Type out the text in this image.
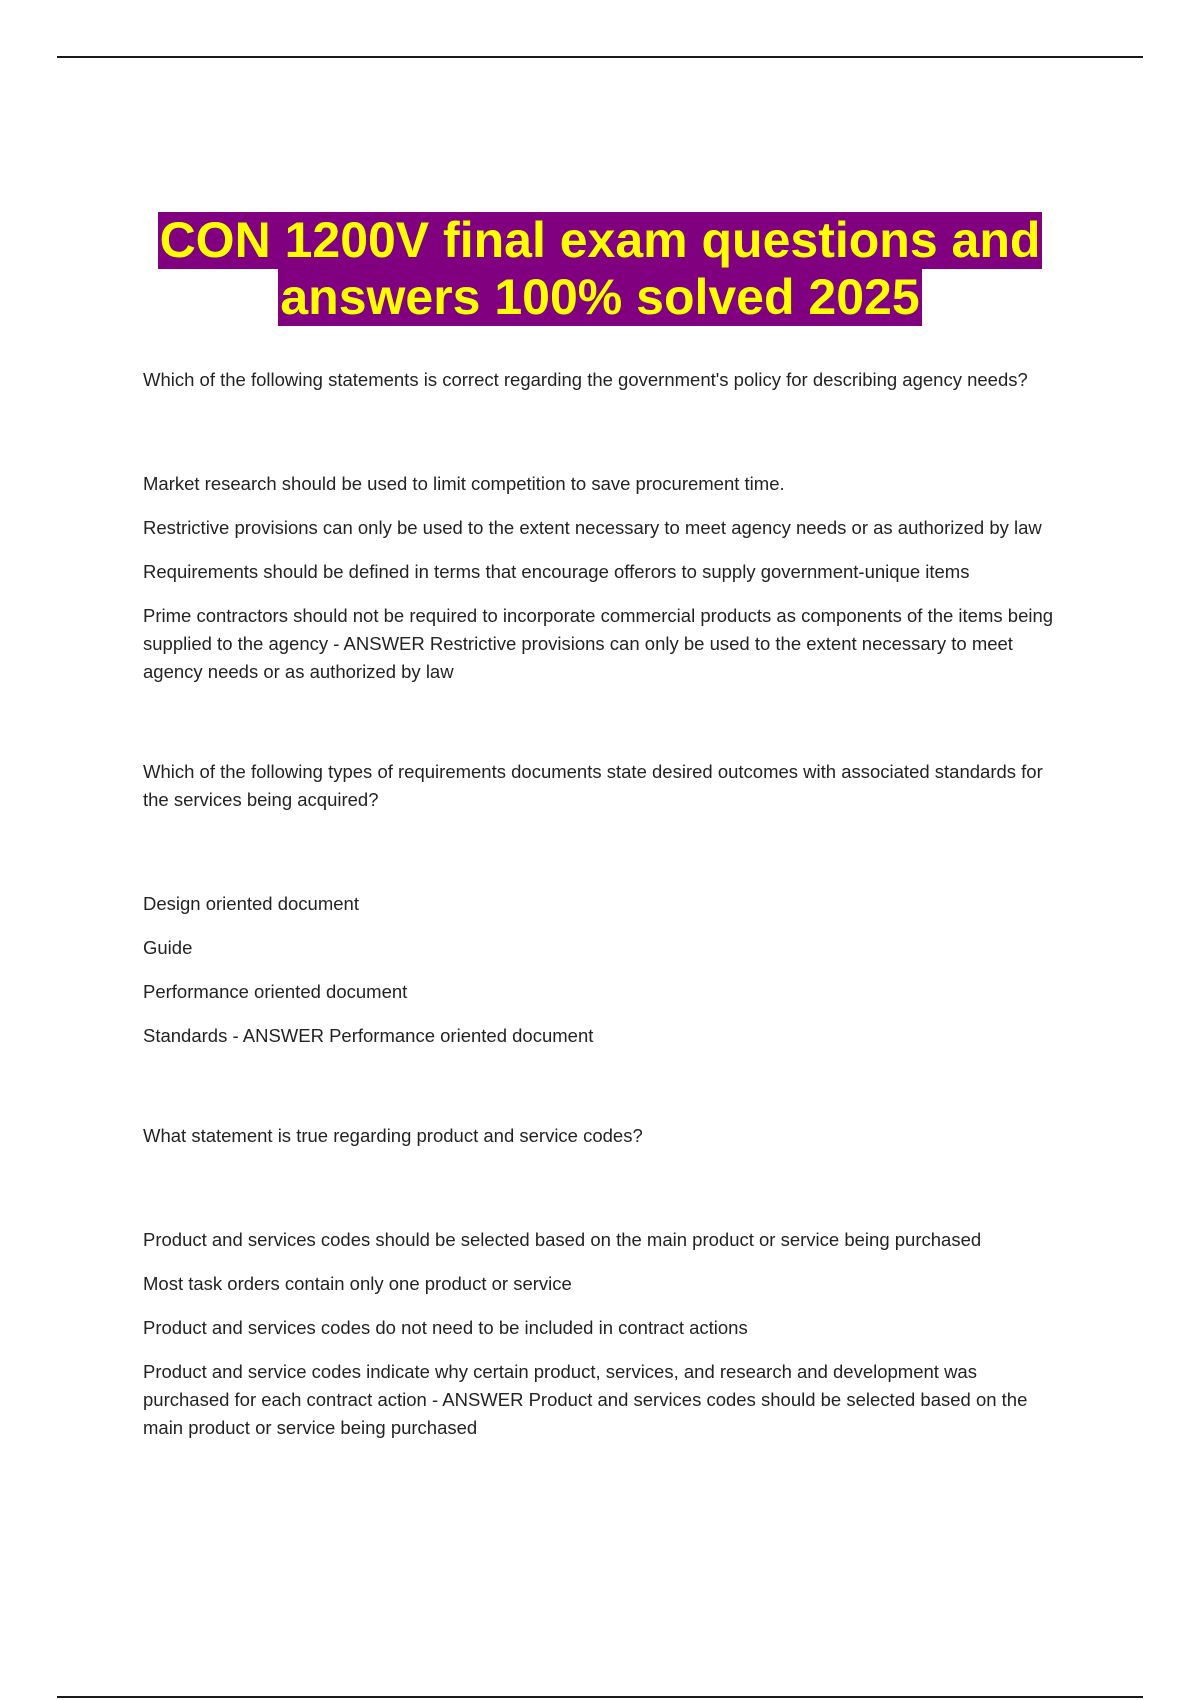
CON 1200V final exam questions and
answers 100% solved 2025

Which of the following statements is correct regarding the government's policy for describing agency needs?

Market research should be used to limit competition to save procurement time.

Restrictive provisions can only be used to the extent necessary to meet agency needs or as authorized by law

Requirements should be defined in terms that encourage offerors to supply government-unique items

Prime contractors should not be required to incorporate commercial products as components of the items being supplied to the agency - ANSWER Restrictive provisions can only be used to the extent necessary to meet agency needs or as authorized by law

Which of the following types of requirements documents state desired outcomes with associated standards for the services being acquired?

Design oriented document

Guide

Performance oriented document

Standards - ANSWER Performance oriented document

What statement is true regarding product and service codes?

Product and services codes should be selected based on the main product or service being purchased

Most task orders contain only one product or service

Product and services codes do not need to be included in contract actions

Product and service codes indicate why certain product, services, and research and development was purchased for each contract action - ANSWER Product and services codes should be selected based on the main product or service being purchased
